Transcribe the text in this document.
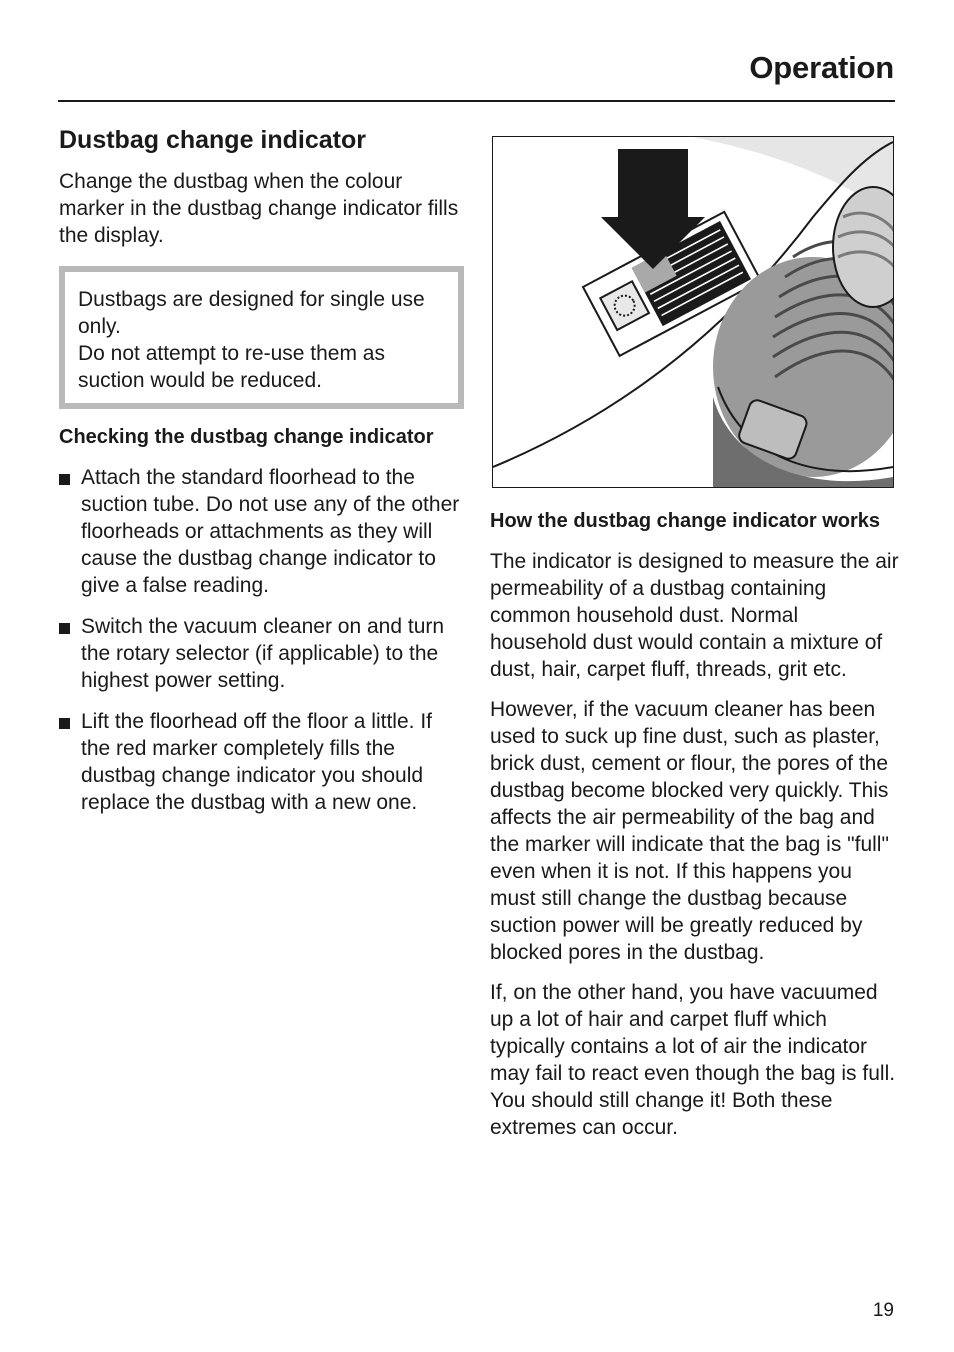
Operation
Dustbag change indicator

Change the dustbag when the colour marker in the dustbag change indicator fills the display.

Dustbags are designed for single use only.

Do not attempt to re-use them as suction would be reduced.

Checking the dustbag change indicator
Attach the standard floorhead to the suction tube. Do not use any of the other floorheads or attachments as they will cause the dustbag change indicator to give a false reading.
Switch the vacuum cleaner on and turn the rotary selector (if applicable) to the highest power setting.
Lift the floorhead off the floor a little. If the red marker completely fills the dustbag change indicator you should replace the dustbag with a new one.
How the dustbag change indicator works

The indicator is designed to measure the air permeability of a dustbag containing common household dust. Normal household dust would contain a mixture of dust, hair, carpet fluff, threads, grit etc.

However, if the vacuum cleaner has been used to suck up fine dust, such as plaster, brick dust, cement or flour, the pores of the dustbag become blocked very quickly. This affects the air permeability of the bag and the marker will indicate that the bag is "full" even when it is not. If this happens you must still change the dustbag because suction power will be greatly reduced by blocked pores in the dustbag.

If, on the other hand, you have vacuumed up a lot of hair and carpet fluff which typically contains a lot of air the indicator may fail to react even though the bag is full. You should still change it! Both these extremes can occur.

19
